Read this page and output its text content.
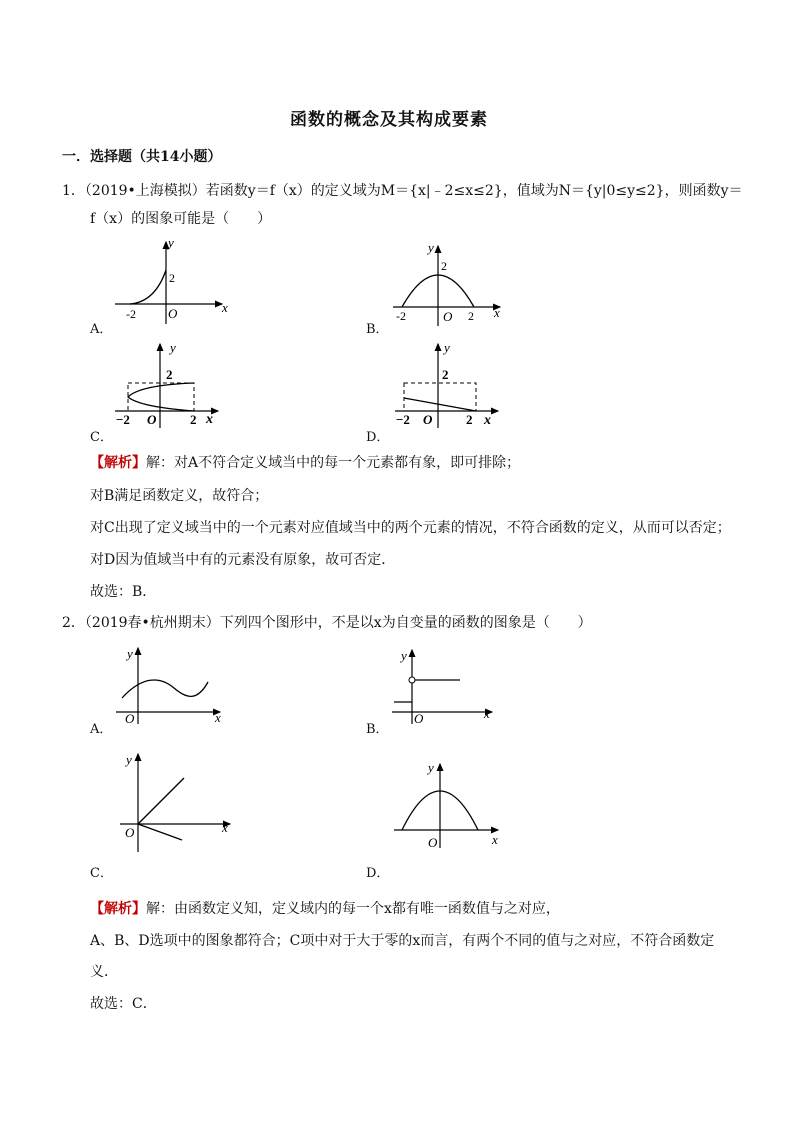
函数的概念及其构成要素
一．选择题（共14小题）
1．（2019•上海模拟）若函数y＝f（x）的定义域为M＝{x|﹣2≤x≤2}，值域为N＝{y|0≤y≤2}，则函数y＝
f（x）的图象可能是（　　）
A．
y
x
2
-2 O
B．
y
x
2
-2	2
O
C．
y
x
2
−2	2
O
D．
y
x
2
−2	2
O
【解析】解：对A不符合定义域当中的每一个元素都有象，即可排除；
对B满足函数定义，故符合；
对C出现了定义域当中的一个元素对应值域当中的两个元素的情况，不符合函数的定义，从而可以否定；
对D因为值域当中有的元素没有原象，故可否定．
故选：B．
2．（2019春•杭州期末）下列四个图形中，不是以x为自变量的函数的图象是（　　）
A．
y
x
O
B．
y
x
O
C．
y
x
O
D．
y
x
O
【解析】解：由函数定义知，定义域内的每一个x都有唯一函数值与之对应，
A、B、D选项中的图象都符合；C项中对于大于零的x而言，有两个不同的值与之对应，不符合函数定
义．
故选：C．
